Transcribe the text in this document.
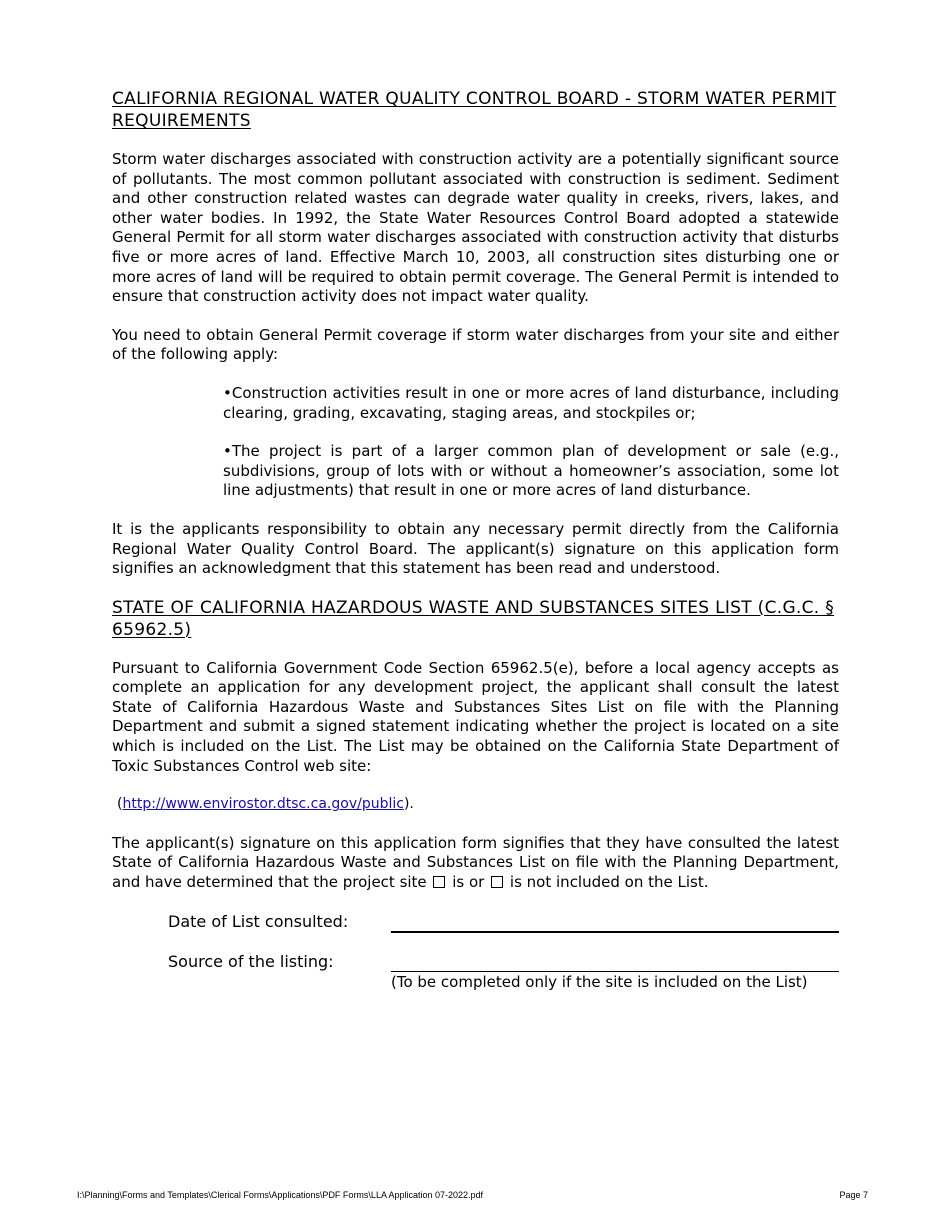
CALIFORNIA REGIONAL WATER QUALITY CONTROL BOARD - STORM WATER PERMIT REQUIREMENTS

Storm water discharges associated with construction activity are a potentially significant source of pollutants. The most common pollutant associated with construction is sediment. Sediment and other construction related wastes can degrade water quality in creeks, rivers, lakes, and other water bodies. In 1992, the State Water Resources Control Board adopted a statewide General Permit for all storm water discharges associated with construction activity that disturbs five or more acres of land. Effective March 10, 2003, all construction sites disturbing one or more acres of land will be required to obtain permit coverage. The General Permit is intended to ensure that construction activity does not impact water quality.

You need to obtain General Permit coverage if storm water discharges from your site and either of the following apply:

•Construction activities result in one or more acres of land disturbance, including clearing, grading, excavating, staging areas, and stockpiles or;

•The project is part of a larger common plan of development or sale (e.g., subdivisions, group of lots with or without a homeowner’s association, some lot line adjustments) that result in one or more acres of land disturbance.

It is the applicants responsibility to obtain any necessary permit directly from the California Regional Water Quality Control Board. The applicant(s) signature on this application form signifies an acknowledgment that this statement has been read and understood.

STATE OF CALIFORNIA HAZARDOUS WASTE AND SUBSTANCES SITES LIST (C.G.C. § 65962.5)

Pursuant to California Government Code Section 65962.5(e), before a local agency accepts as complete an application for any development project, the applicant shall consult the latest State of California Hazardous Waste and Substances Sites List on file with the Planning Department and submit a signed statement indicating whether the project is located on a site which is included on the List. The List may be obtained on the California State Department of Toxic Substances Control web site:

(http://www.envirostor.dtsc.ca.gov/public).

The applicant(s) signature on this application form signifies that they have consulted the latest State of California Hazardous Waste and Substances List on file with the Planning Department, and have determined that the project site is or is not included on the List.

Date of List consulted:
Source of the listing:
(To be completed only if the site is included on the List)
I:\Planning\Forms and Templates\Clerical Forms\Applications\PDF Forms\LLA Application 07-2022.pdf	Page 7
